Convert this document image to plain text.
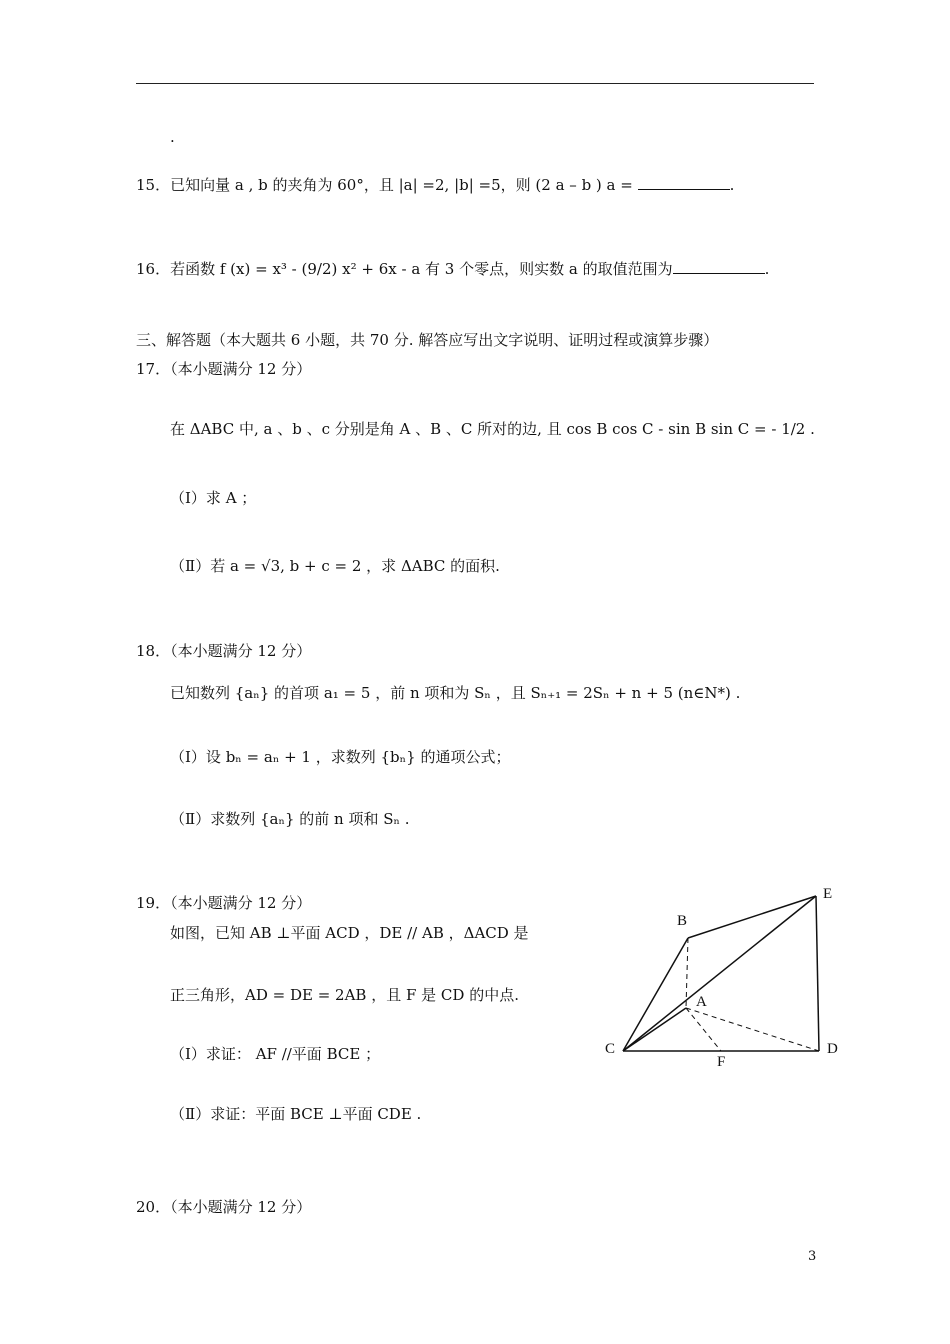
.
15．已知向量 a , b 的夹角为 60°，且 |a| =2, |b| =5，则 (2 a – b ) a =	.
16．若函数 f (x) = x³ - (9/2) x² + 6x - a 有 3 个零点，则实数 a 的取值范围为	.
三、解答题（本大题共 6 小题，共 70 分. 解答应写出文字说明、证明过程或演算步骤）
17．（本小题满分 12 分）
在 ΔABC 中, a 、b 、c 分别是角 A 、B 、C 所对的边, 且 cos B cos C - sin B sin C = - 1/2 .
（Ⅰ）求 A ；
（Ⅱ）若 a = √3, b + c = 2 ，求 ΔABC 的面积.
18．（本小题满分 12 分）
已知数列 {aₙ} 的首项 a₁ = 5 ，前 n 项和为 Sₙ ，且 Sₙ₊₁ = 2Sₙ + n + 5 (n∈N*) .
（Ⅰ）设 bₙ = aₙ + 1 ，求数列 {bₙ} 的通项公式；
（Ⅱ）求数列 {aₙ} 的前 n 项和 Sₙ .
19．（本小题满分 12 分）
如图，已知 AB ⊥平面 ACD ，DE // AB ，ΔACD 是
正三角形，AD = DE = 2AB ，且 F 是 CD 的中点.
（Ⅰ）求证： AF //平面 BCE ；
（Ⅱ）求证：平面 BCE ⊥平面 CDE .
E
B
A
C	D
F
20．（本小题满分 12 分）
3
